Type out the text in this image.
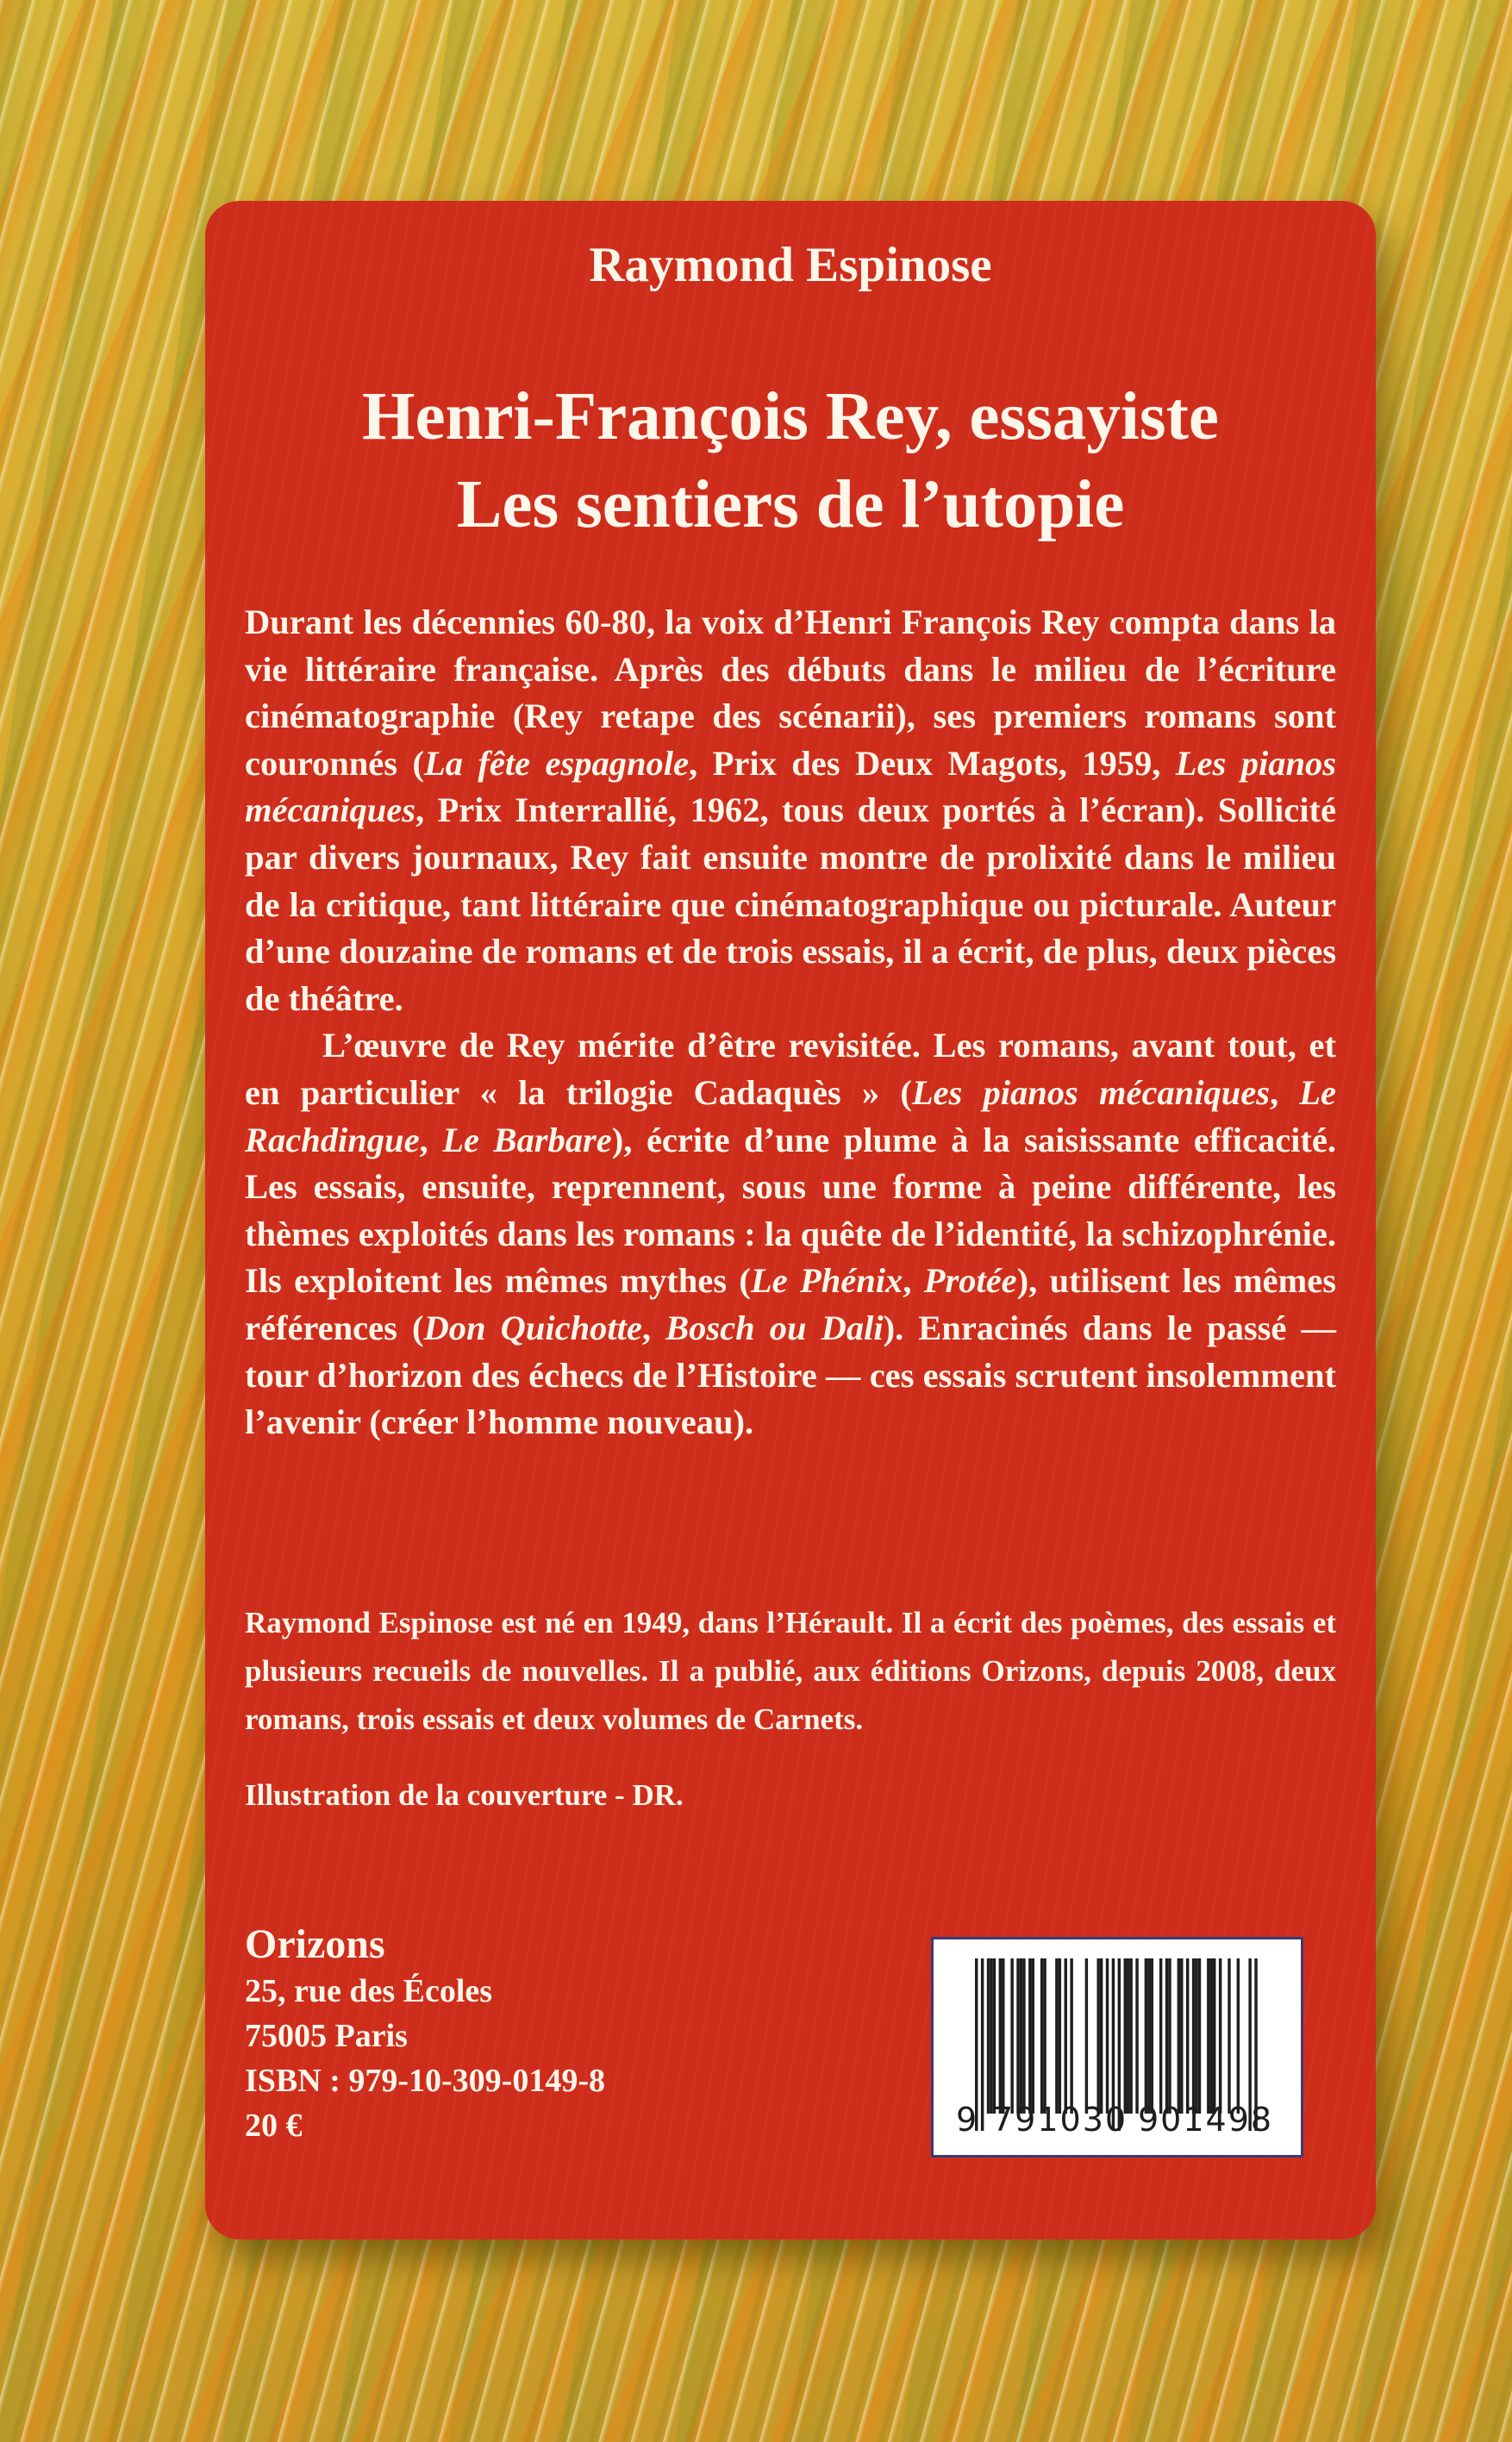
Raymond Espinose
Henri-François Rey, essayiste
Les sentiers de l’utopie

Durant les décennies 60-80, la voix d’Henri François Rey compta dans la vie littéraire française. Après des débuts dans le milieu de l’écriture cinématographie (Rey retape des scénarii), ses premiers romans sont couronnés (La fête espagnole, Prix des Deux Magots, 1959, Les pianos mécaniques, Prix Interrallié, 1962, tous deux portés à l’écran). Sollicité par divers journaux, Rey fait ensuite montre de prolixité dans le milieu de la critique, tant littéraire que cinématographique ou picturale. Auteur d’une douzaine de romans et de trois essais, il a écrit, de plus, deux pièces de théâtre.

L’œuvre de Rey mérite d’être revisitée. Les romans, avant tout, et en particulier « la trilogie Cadaquès » (Les pianos mécaniques, Le Rachdingue, Le Barbare), écrite d’une plume à la saisissante efficacité. Les essais, ensuite, reprennent, sous une forme à peine différente, les thèmes exploités dans les romans : la quête de l’identité, la schizophrénie. Ils exploitent les mêmes mythes (Le Phénix, Protée), utilisent les mêmes références (Don Quichotte, Bosch ou Dali). Enracinés dans le passé — tour d’horizon des échecs de l’Histoire — ces essais scrutent insolemment l’avenir (créer l’homme nouveau).

Raymond Espinose est né en 1949, dans l’Hérault. Il a écrit des poèmes, des essais et plusieurs recueils de nouvelles. Il a publié, aux éditions Orizons, depuis 2008, deux romans, trois essais et deux volumes de Carnets.
Illustration de la couverture - DR.
Orizons
25, rue des Écoles
75005 Paris
ISBN : 979-10-309-0149-8
20 €	9 791030 901498
